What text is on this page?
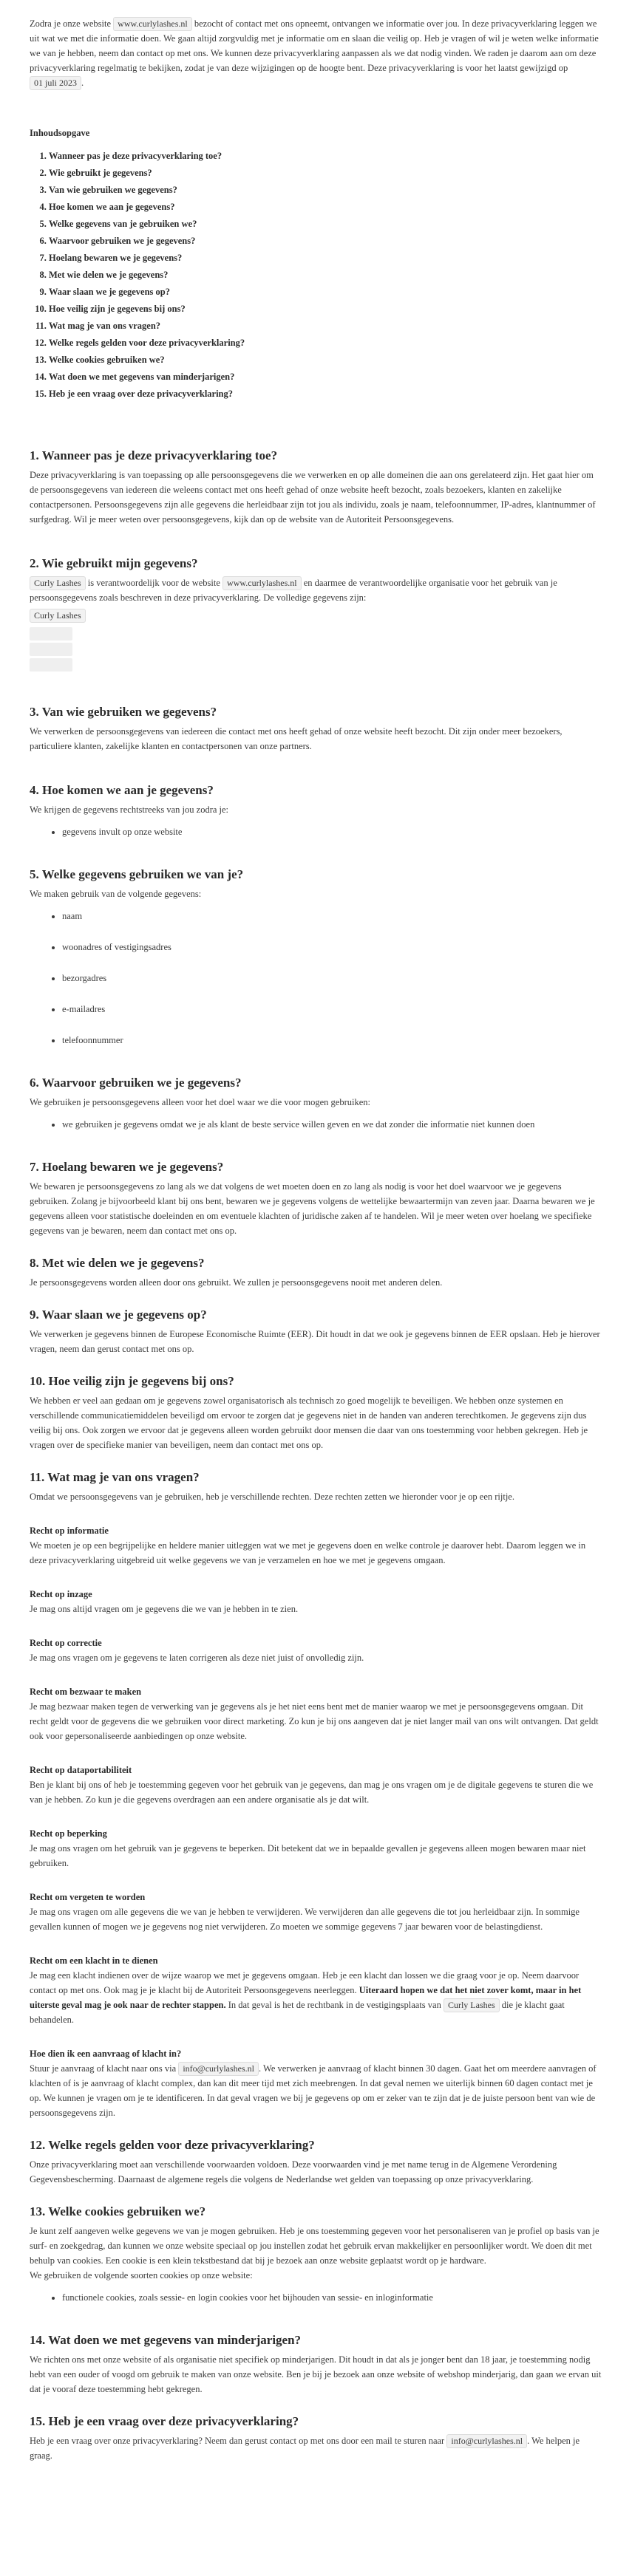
Zodra je onze website www.curlylashes.nl bezocht of contact met ons opneemt, ontvangen we informatie over jou. In deze privacyverklaring leggen we uit wat we met die informatie doen. We gaan altijd zorgvuldig met je informatie om en slaan die veilig op. Heb je vragen of wil je weten welke informatie we van je hebben, neem dan contact op met ons. We kunnen deze privacyverklaring aanpassen als we dat nodig vinden. We raden je daarom aan om deze privacyverklaring regelmatig te bekijken, zodat je van deze wijzigingen op de hoogte bent. Deze privacyverklaring is voor het laatst gewijzigd op 01 juli 2023 .

Inhoudsopgave
1. Wanneer pas je deze privacyverklaring toe?
2. Wie gebruikt je gegevens?
3. Van wie gebruiken we gegevens?
4. Hoe komen we aan je gegevens?
5. Welke gegevens van je gebruiken we?
6. Waarvoor gebruiken we je gegevens?
7. Hoelang bewaren we je gegevens?
8. Met wie delen we je gegevens?
9. Waar slaan we je gegevens op?
10. Hoe veilig zijn je gegevens bij ons?
11. Wat mag je van ons vragen?
12. Welke regels gelden voor deze privacyverklaring?
13. Welke cookies gebruiken we?
14. Wat doen we met gegevens van minderjarigen?
15. Heb je een vraag over deze privacyverklaring?
1. Wanneer pas je deze privacyverklaring toe?

Deze privacyverklaring is van toepassing op alle persoonsgegevens die we verwerken en op alle domeinen die aan ons gerelateerd zijn. Het gaat hier om de persoonsgegevens van iedereen die weleens contact met ons heeft gehad of onze website heeft bezocht, zoals bezoekers, klanten en zakelijke contactpersonen. Persoonsgegevens zijn alle gegevens die herleidbaar zijn tot jou als individu, zoals je naam, telefoonnummer, IP-adres, klantnummer of surfgedrag. Wil je meer weten over persoonsgegevens, kijk dan op de website van de Autoriteit Persoonsgegevens.

2. Wie gebruikt mijn gegevens?

Curly Lashes is verantwoordelijk voor de website www.curlylashes.nl en daarmee de verantwoordelijke organisatie voor het gebruik van je persoonsgegevens zoals beschreven in deze privacyverklaring. De volledige gegevens zijn:

Curly Lashes
3. Van wie gebruiken we gegevens?

We verwerken de persoonsgegevens van iedereen die contact met ons heeft gehad of onze website heeft bezocht. Dit zijn onder meer bezoekers, particuliere klanten, zakelijke klanten en contactpersonen van onze partners.

4. Hoe komen we aan je gegevens?

We krijgen de gegevens rechtstreeks van jou zodra je:

• gegevens invult op onze website
5. Welke gegevens gebruiken we van je?

We maken gebruik van de volgende gegevens:

• naam
• woonadres of vestigingsadres
• bezorgadres
• e-mailadres
• telefoonnummer
6. Waarvoor gebruiken we je gegevens?

We gebruiken je persoonsgegevens alleen voor het doel waar we die voor mogen gebruiken:

• we gebruiken je gegevens omdat we je als klant de beste service willen geven en we dat zonder die informatie niet kunnen doen
7. Hoelang bewaren we je gegevens?

We bewaren je persoonsgegevens zo lang als we dat volgens de wet moeten doen en zo lang als nodig is voor het doel waarvoor we je gegevens gebruiken. Zolang je bijvoorbeeld klant bij ons bent, bewaren we je gegevens volgens de wettelijke bewaartermijn van zeven jaar. Daarna bewaren we je gegevens alleen voor statistische doeleinden en om eventuele klachten of juridische zaken af te handelen. Wil je meer weten over hoelang we specifieke gegevens van je bewaren, neem dan contact met ons op.

8. Met wie delen we je gegevens?

Je persoonsgegevens worden alleen door ons gebruikt. We zullen je persoonsgegevens nooit met anderen delen.

9. Waar slaan we je gegevens op?

We verwerken je gegevens binnen de Europese Economische Ruimte (EER). Dit houdt in dat we ook je gegevens binnen de EER opslaan. Heb je hierover vragen, neem dan gerust contact met ons op.

10. Hoe veilig zijn je gegevens bij ons?

We hebben er veel aan gedaan om je gegevens zowel organisatorisch als technisch zo goed mogelijk te beveiligen. We hebben onze systemen en verschillende communicatiemiddelen beveiligd om ervoor te zorgen dat je gegevens niet in de handen van anderen terechtkomen. Je gegevens zijn dus veilig bij ons. Ook zorgen we ervoor dat je gegevens alleen worden gebruikt door mensen die daar van ons toestemming voor hebben gekregen. Heb je vragen over de specifieke manier van beveiligen, neem dan contact met ons op.

11. Wat mag je van ons vragen?

Omdat we persoonsgegevens van je gebruiken, heb je verschillende rechten. Deze rechten zetten we hieronder voor je op een rijtje.

Recht op informatie

We moeten je op een begrijpelijke en heldere manier uitleggen wat we met je gegevens doen en welke controle je daarover hebt. Daarom leggen we in deze privacyverklaring uitgebreid uit welke gegevens we van je verzamelen en hoe we met je gegevens omgaan.

Recht op inzage

Je mag ons altijd vragen om je gegevens die we van je hebben in te zien.

Recht op correctie

Je mag ons vragen om je gegevens te laten corrigeren als deze niet juist of onvolledig zijn.

Recht om bezwaar te maken

Je mag bezwaar maken tegen de verwerking van je gegevens als je het niet eens bent met de manier waarop we met je persoonsgegevens omgaan. Dit recht geldt voor de gegevens die we gebruiken voor direct marketing. Zo kun je bij ons aangeven dat je niet langer mail van ons wilt ontvangen. Dat geldt ook voor gepersonaliseerde aanbiedingen op onze website.

Recht op dataportabiliteit

Ben je klant bij ons of heb je toestemming gegeven voor het gebruik van je gegevens, dan mag je ons vragen om je de digitale gegevens te sturen die we van je hebben. Zo kun je die gegevens overdragen aan een andere organisatie als je dat wilt.

Recht op beperking

Je mag ons vragen om het gebruik van je gegevens te beperken. Dit betekent dat we in bepaalde gevallen je gegevens alleen mogen bewaren maar niet gebruiken.

Recht om vergeten te worden

Je mag ons vragen om alle gegevens die we van je hebben te verwijderen. We verwijderen dan alle gegevens die tot jou herleidbaar zijn. In sommige gevallen kunnen of mogen we je gegevens nog niet verwijderen. Zo moeten we sommige gegevens 7 jaar bewaren voor de belastingdienst.

Recht om een klacht in te dienen

Je mag een klacht indienen over de wijze waarop we met je gegevens omgaan. Heb je een klacht dan lossen we die graag voor je op. Neem daarvoor contact op met ons. Ook mag je je klacht bij de Autoriteit Persoonsgegevens neerleggen. Uiteraard hopen we dat het niet zover komt, maar in het uiterste geval mag je ook naar de rechter stappen. In dat geval is het de rechtbank in de vestigingsplaats van Curly Lashes die je klacht gaat behandelen.

Hoe dien ik een aanvraag of klacht in?

Stuur je aanvraag of klacht naar ons via info@curlylashes.nl . We verwerken je aanvraag of klacht binnen 30 dagen. Gaat het om meerdere aanvragen of klachten of is je aanvraag of klacht complex, dan kan dit meer tijd met zich meebrengen. In dat geval nemen we uiterlijk binnen 60 dagen contact met je op. We kunnen je vragen om je te identificeren. In dat geval vragen we bij je gegevens op om er zeker van te zijn dat je de juiste persoon bent van wie de persoonsgegevens zijn.

12. Welke regels gelden voor deze privacyverklaring?

Onze privacyverklaring moet aan verschillende voorwaarden voldoen. Deze voorwaarden vind je met name terug in de Algemene Verordening Gegevensbescherming. Daarnaast de algemene regels die volgens de Nederlandse wet gelden van toepassing op onze privacyverklaring.

13. Welke cookies gebruiken we?

Je kunt zelf aangeven welke gegevens we van je mogen gebruiken. Heb je ons toestemming gegeven voor het personaliseren van je profiel op basis van je surf- en zoekgedrag, dan kunnen we onze website speciaal op jou instellen zodat het gebruik ervan makkelijker en persoonlijker wordt. We doen dit met behulp van cookies. Een cookie is een klein tekstbestand dat bij je bezoek aan onze website geplaatst wordt op je hardware.

We gebruiken de volgende soorten cookies op onze website:

• functionele cookies, zoals sessie- en login cookies voor het bijhouden van sessie- en inloginformatie
14. Wat doen we met gegevens van minderjarigen?

We richten ons met onze website of als organisatie niet specifiek op minderjarigen. Dit houdt in dat als je jonger bent dan 18 jaar, je toestemming nodig hebt van een ouder of voogd om gebruik te maken van onze website. Ben je bij je bezoek aan onze website of webshop minderjarig, dan gaan we ervan uit dat je vooraf deze toestemming hebt gekregen.

15. Heb je een vraag over deze privacyverklaring?

Heb je een vraag over onze privacyverklaring? Neem dan gerust contact op met ons door een mail te sturen naar info@curlylashes.nl . We helpen je graag.
